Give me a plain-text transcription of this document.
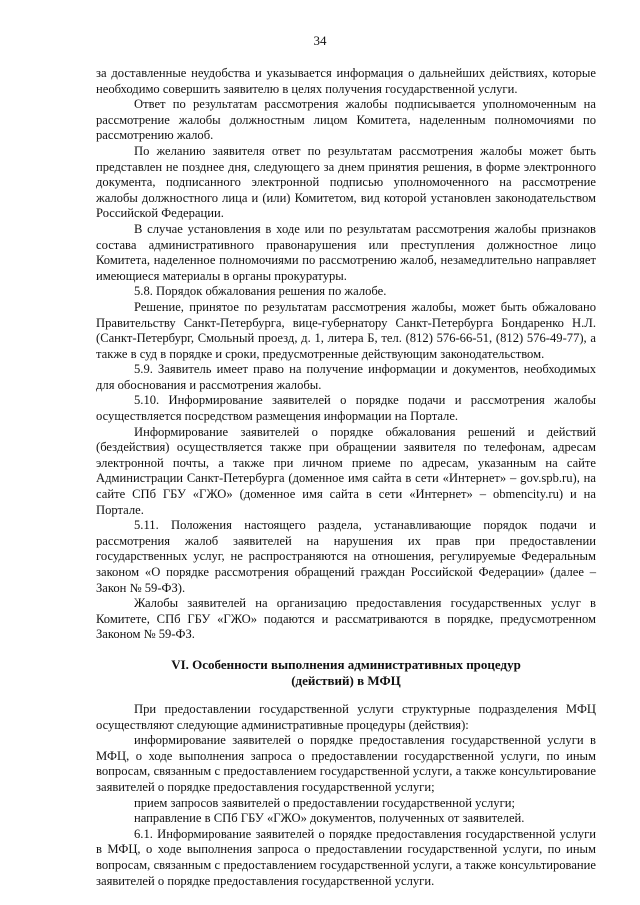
34

за доставленные неудобства и указывается информация о дальнейших действиях, которые необходимо совершить заявителю в целях получения государственной услуги.

Ответ по результатам рассмотрения жалобы подписывается уполномоченным на рассмотрение жалобы должностным лицом Комитета, наделенным полномочиями по рассмотрению жалоб.

По желанию заявителя ответ по результатам рассмотрения жалобы может быть представлен не позднее дня, следующего за днем принятия решения, в форме электронного документа, подписанного электронной подписью уполномоченного на рассмотрение жалобы должностного лица и (или) Комитетом, вид которой установлен законодательством Российской Федерации.

В случае установления в ходе или по результатам рассмотрения жалобы признаков состава административного правонарушения или преступления должностное лицо Комитета, наделенное полномочиями по рассмотрению жалоб, незамедлительно направляет имеющиеся материалы в органы прокуратуры.

5.8. Порядок обжалования решения по жалобе.

Решение, принятое по результатам рассмотрения жалобы, может быть обжаловано Правительству Санкт-Петербурга, вице-губернатору Санкт-Петербурга Бондаренко Н.Л. (Санкт-Петербург, Смольный проезд, д. 1, литера Б, тел. (812) 576-66-51, (812) 576-49-77), а также в суд в порядке и сроки, предусмотренные действующим законодательством.

5.9. Заявитель имеет право на получение информации и документов, необходимых для обоснования и рассмотрения жалобы.

5.10. Информирование заявителей о порядке подачи и рассмотрения жалобы осуществляется посредством размещения информации на Портале.

Информирование заявителей о порядке обжалования решений и действий (бездействия) осуществляется также при обращении заявителя по телефонам, адресам электронной почты, а также при личном приеме по адресам, указанным на сайте Администрации Санкт-Петербурга (доменное имя сайта в сети «Интернет» – gov.spb.ru), на сайте СПб ГБУ «ГЖО» (доменное имя сайта в сети «Интернет» – obmencity.ru) и на Портале.

5.11. Положения настоящего раздела, устанавливающие порядок подачи и рассмотрения жалоб заявителей на нарушения их прав при предоставлении государственных услуг, не распространяются на отношения, регулируемые Федеральным законом «О порядке рассмотрения обращений граждан Российской Федерации» (далее – Закон № 59-ФЗ).

Жалобы заявителей на организацию предоставления государственных услуг в Комитете, СПб ГБУ «ГЖО» подаются и рассматриваются в порядке, предусмотренном Законом № 59-ФЗ.

VI. Особенности выполнения административных процедур
(действий) в МФЦ

При предоставлении государственной услуги структурные подразделения МФЦ осуществляют следующие административные процедуры (действия):

информирование заявителей о порядке предоставления государственной услуги в МФЦ, о ходе выполнения запроса о предоставлении государственной услуги, по иным вопросам, связанным с предоставлением государственной услуги, а также консультирование заявителей о порядке предоставления государственной услуги;

прием запросов заявителей о предоставлении государственной услуги;

направление в СПб ГБУ «ГЖО» документов, полученных от заявителей.

6.1. Информирование заявителей о порядке предоставления государственной услуги в МФЦ, о ходе выполнения запроса о предоставлении государственной услуги, по иным вопросам, связанным с предоставлением государственной услуги, а также консультирование заявителей о порядке предоставления государственной услуги.
